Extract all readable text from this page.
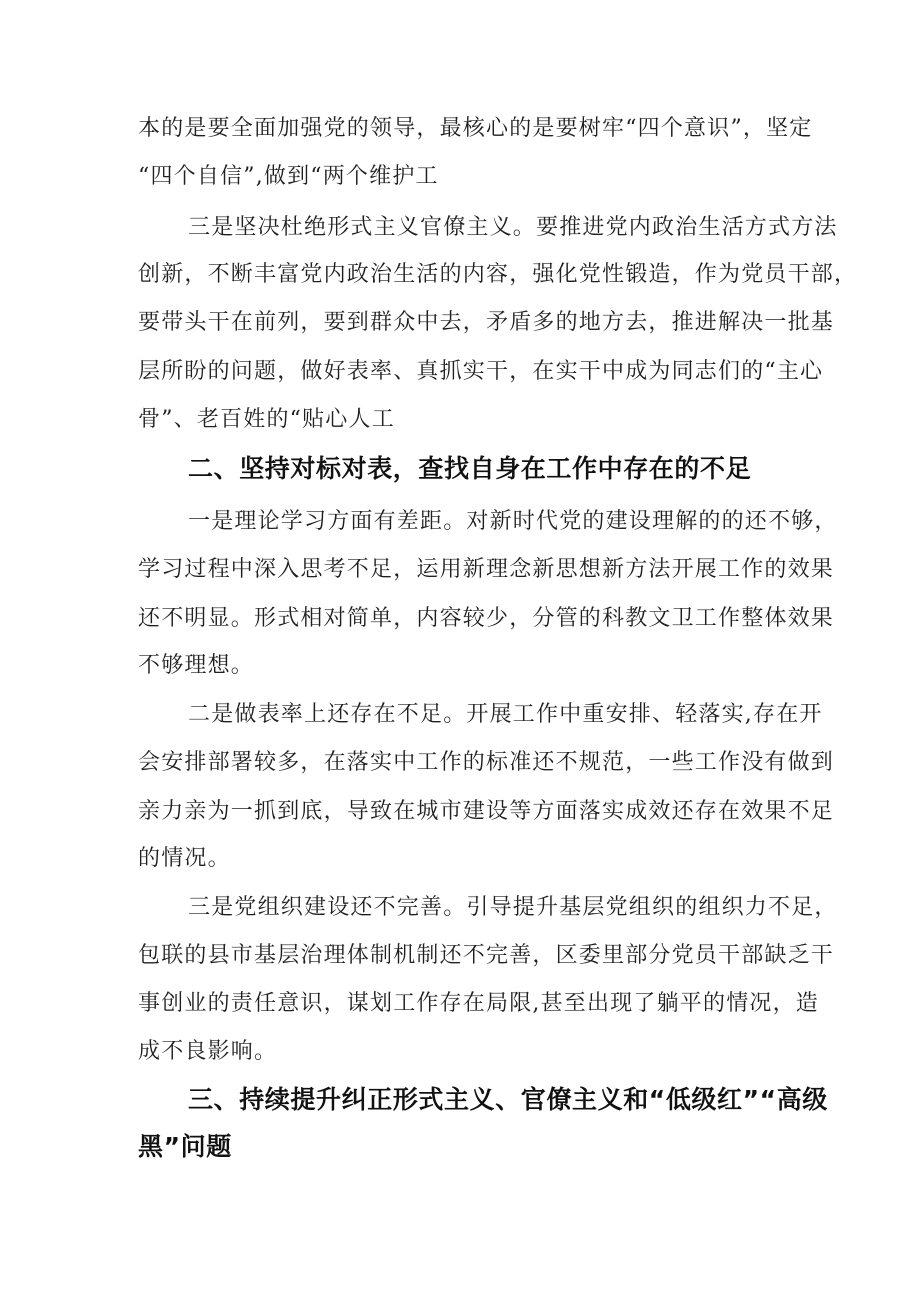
本的是要全面加强党的领导，最核心的是要树牢“四个意识”，坚定

“四个自信”,做到“两个维护工

三是坚决杜绝形式主义官僚主义。要推进党内政治生活方式方法

创新，不断丰富党内政治生活的内容，强化党性锻造，作为党员干部，

要带头干在前列，要到群众中去，矛盾多的地方去，推进解决一批基

层所盼的问题，做好表率、真抓实干，在实干中成为同志们的“主心

骨”、老百姓的“贴心人工

二、坚持对标对表，查找自身在工作中存在的不足

一是理论学习方面有差距。对新时代党的建设理解的的还不够，

学习过程中深入思考不足，运用新理念新思想新方法开展工作的效果

还不明显。形式相对简单，内容较少，分管的科教文卫工作整体效果

不够理想。

二是做表率上还存在不足。开展工作中重安排、轻落实,存在开

会安排部署较多，在落实中工作的标准还不规范，一些工作没有做到

亲力亲为一抓到底，导致在城市建设等方面落实成效还存在效果不足

的情况。

三是党组织建设还不完善。引导提升基层党组织的组织力不足，

包联的县市基层治理体制机制还不完善，区委里部分党员干部缺乏干

事创业的责任意识，谋划工作存在局限,甚至出现了躺平的情况，造

成不良影响。

三、持续提升纠正形式主义、官僚主义和“低级红”“高级
黑”问题
